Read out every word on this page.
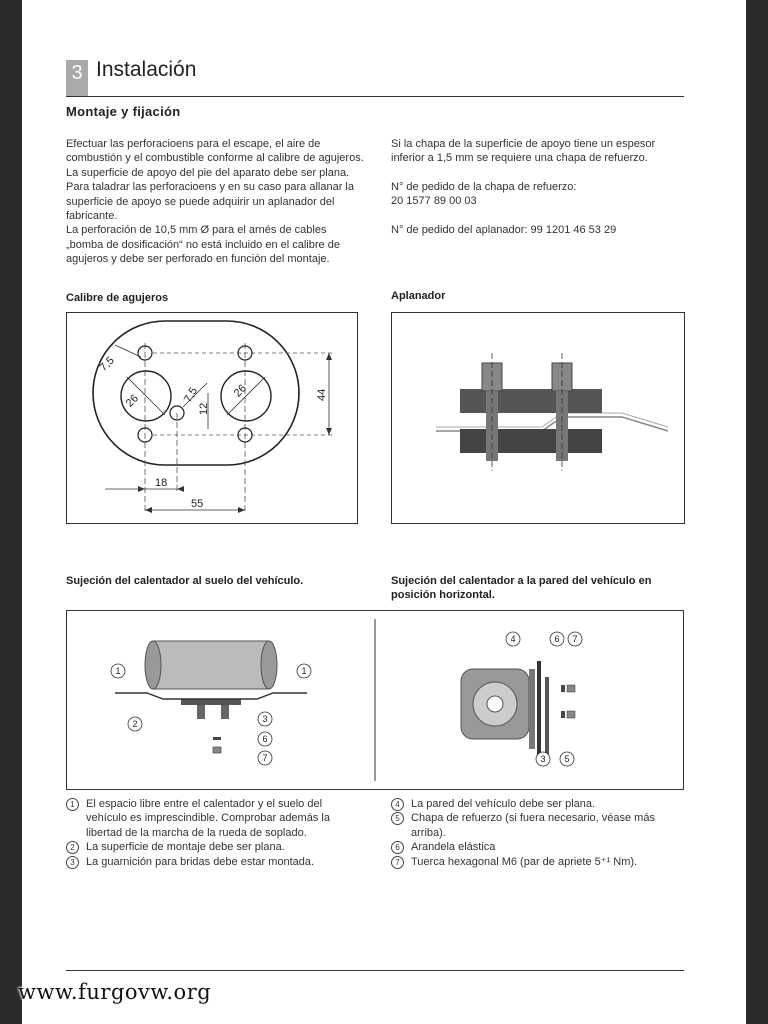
3 Instalación
Montaje y fijación

Efectuar las perforacioens para el escape, el aire de combustión y el combustible conforme al calibre de agujeros.

La superficie de apoyo del pie del aparato debe ser plana. Para taladrar las perforacioens y en su caso para allanar la superficie de apoyo se puede adquirir un aplanador del fabricante.

La perforación de 10,5 mm Ø para el arnés de cables „bomba de dosificación“ no está incluido en el calibre de agujeros y debe ser perforado en función del montaje.

Si la chapa de la superficie de apoyo tiene un espesor inferior a 1,5 mm se requiere una chapa de refuerzo.

N° de pedido de la chapa de refuerzo:

20 1577 89 00 03

N° de pedido del aplanador: 99 1201 46 53 29

Calibre de agujeros	Aplanador
7,5
26	7,5
12
26	44
18
55
Sujeción del calentador al suelo del vehículo.	Sujeción del calentador a la pared del vehículo en posición horizontal.
1	1
2	3
6
7
4	6 7
3 5
1	El espacio libre entre el calentador y el suelo del vehículo es imprescindible. Comprobar además la libertad de la marcha de la rueda de soplado.
2	La superficie de montaje debe ser plana.
3	La guarnición para bridas debe estar montada.
4	La pared del vehículo debe ser plana.
5	Chapa de refuerzo (si fuera necesario, véase más arriba).
6	Arandela elástica
7	Tuerca hexagonal M6 (par de apriete 5⁺¹ Nm).
www.furgovw.org
